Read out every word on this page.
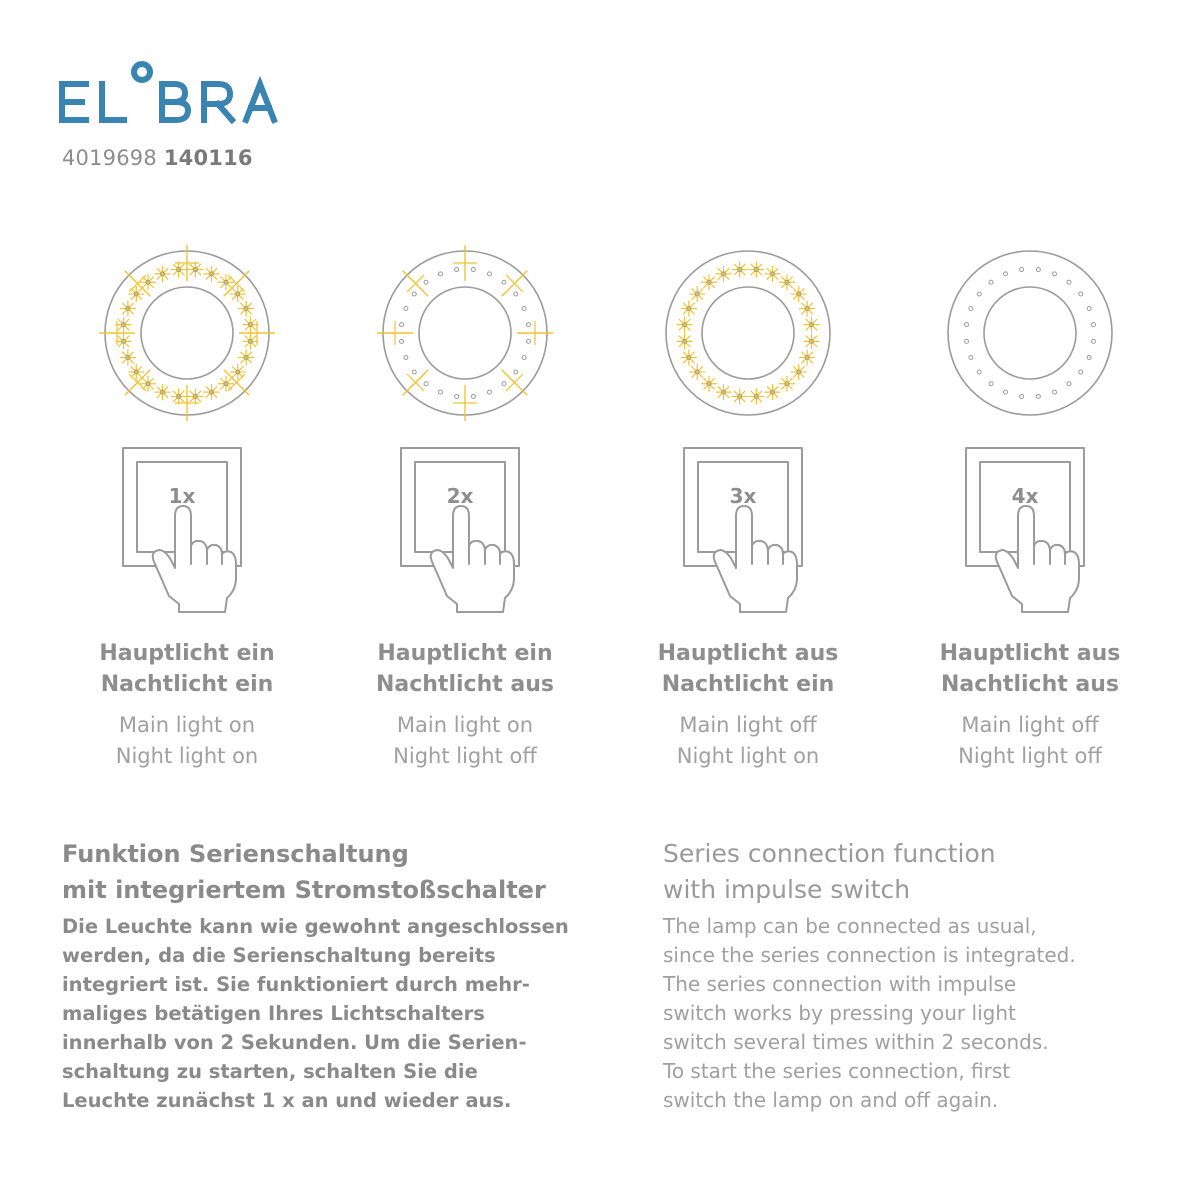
4019698 140116
1x
Hauptlicht ein
Nachtlicht ein
Main light on
Night light on
2x
Hauptlicht ein
Nachtlicht aus
Main light on
Night light off
3x
Hauptlicht aus
Nachtlicht ein
Main light off
Night light on
4x
Hauptlicht aus
Nachtlicht aus
Main light off
Night light off
Funktion Serienschaltung
mit integriertem Stromstoßschalter

Die Leuchte kann wie gewohnt angeschlossen
werden, da die Serienschaltung bereits
integriert ist. Sie funktioniert durch mehr-
maliges betätigen Ihres Lichtschalters
innerhalb von 2 Sekunden. Um die Serien-
schaltung zu starten, schalten Sie die
Leuchte zunächst 1 x an und wieder aus.

Series connection function
with impulse switch

The lamp can be connected as usual,
since the series connection is integrated.
The series connection with impulse
switch works by pressing your light
switch several times within 2 seconds.
To start the series connection, first
switch the lamp on and off again.
